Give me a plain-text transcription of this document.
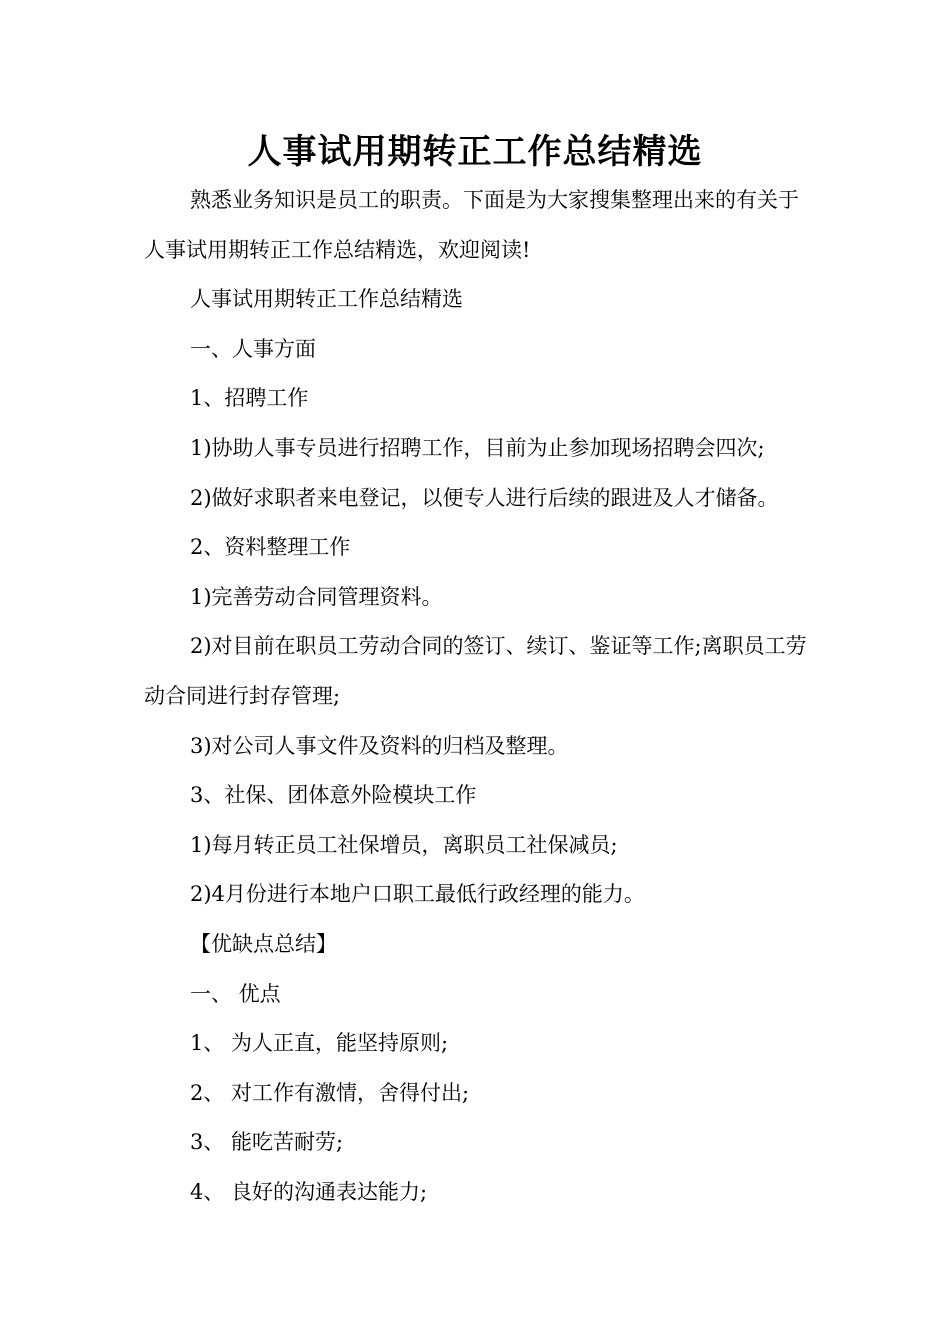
人事试用期转正工作总结精选

熟悉业务知识是员工的职责。下面是为大家搜集整理出来的有关于人事试用期转正工作总结精选，欢迎阅读!

人事试用期转正工作总结精选

一、人事方面

1、招聘工作

1)协助人事专员进行招聘工作，目前为止参加现场招聘会四次;

2)做好求职者来电登记，以便专人进行后续的跟进及人才储备。

2、资料整理工作

1)完善劳动合同管理资料。

2)对目前在职员工劳动合同的签订、续订、鉴证等工作;离职员工劳动合同进行封存管理;

3)对公司人事文件及资料的归档及整理。

3、社保、团体意外险模块工作

1)每月转正员工社保增员，离职员工社保减员;

2)4月份进行本地户口职工最低行政经理的能力。

【优缺点总结】

一、 优点

1、 为人正直，能坚持原则;

2、 对工作有激情，舍得付出;

3、 能吃苦耐劳;

4、 良好的沟通表达能力;
